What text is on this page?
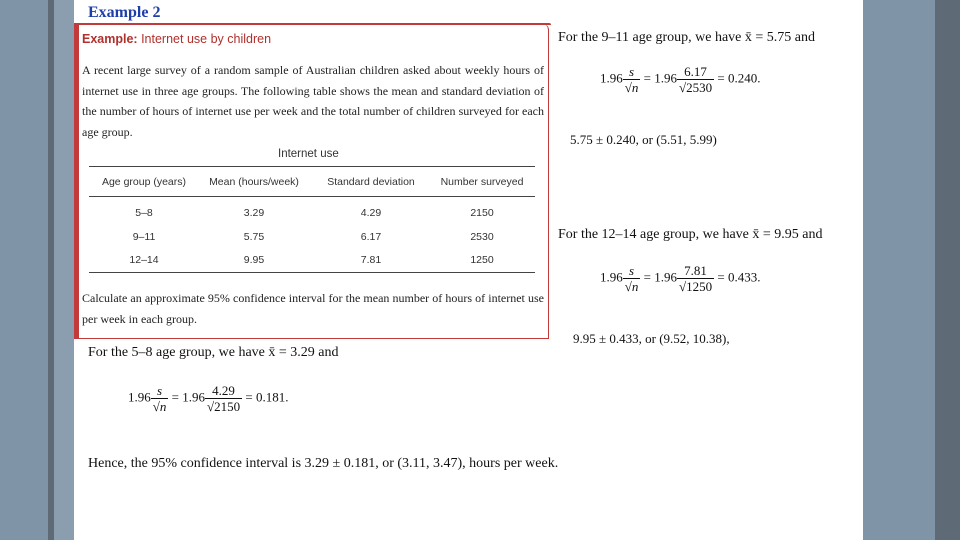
Example 2
Example: Internet use by children
A recent large survey of a random sample of Australian children asked about weekly hours of internet use in three age groups. The following table shows the mean and standard deviation of the number of hours of internet use per week and the total number of children surveyed for each age group.
Internet use
Age group (years)	Mean (hours/week)	Standard deviation	Number surveyed
5–8	3.29	4.29	2150
9–11	5.75	6.17	2530
12–14	9.95	7.81	1250
Calculate an approximate 95% confidence interval for the mean number of hours of internet use per week in each group.
For the 9–11 age group, we have x̄ = 5.75 and
$1.96 \frac{s}{√n} = 1.96 \frac{6.17}{√2530} = 0.240$.
5.75 ± 0.240, or (5.51, 5.99)
For the 12–14 age group, we have x̄ = 9.95 and
$1.96 \frac{s}{√n} = 1.96 \frac{7.81}{√1250} = 0.433$.
9.95 ± 0.433, or (9.52, 10.38),
For the 5–8 age group, we have x̄ = 3.29 and
$1.96 \frac{s}{√n} = 1.96 \frac{4.29}{√2150} = 0.181$.
Hence, the 95% confidence interval is 3.29 ± 0.181, or (3.11, 3.47), hours per week.
